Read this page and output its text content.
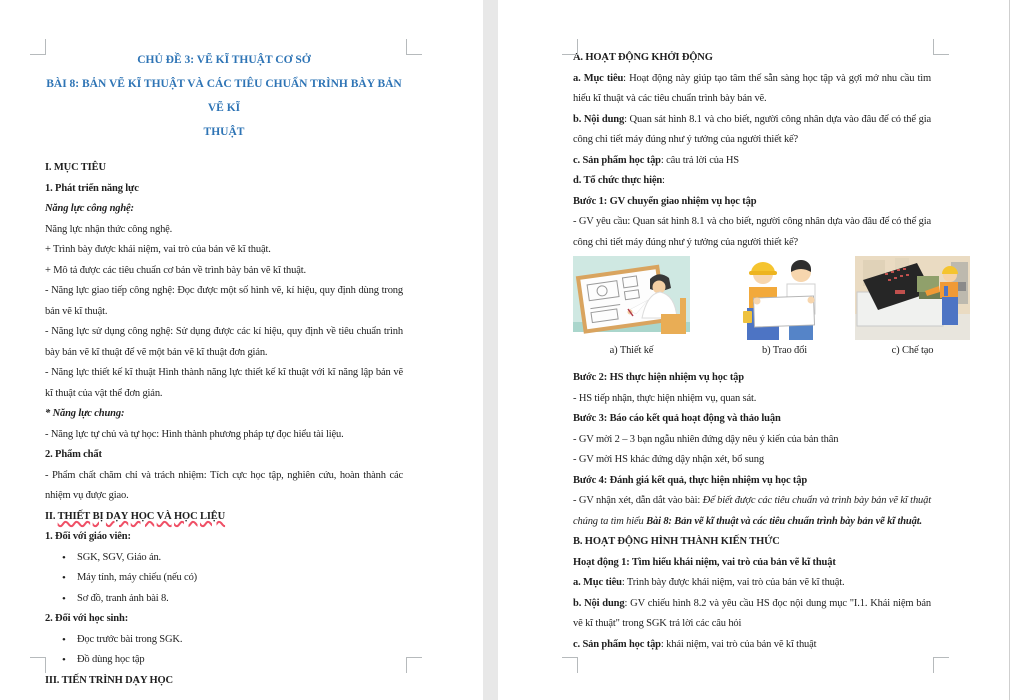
CHỦ ĐỀ 3: VẼ KĨ THUẬT CƠ SỞ
BÀI 8: BẢN VẼ KĨ THUẬT VÀ CÁC TIÊU CHUẨN TRÌNH BÀY BẢN VẼ KĨ
THUẬT
I. MỤC TIÊU
1. Phát triển năng lực
Năng lực công nghệ:
Năng lực nhận thức công nghệ.
+ Trình bày được khái niệm, vai trò của bản vẽ kĩ thuật.
+ Mô tả được các tiêu chuẩn cơ bản về trình bày bản vẽ kĩ thuật.
- Năng lực giao tiếp công nghệ: Đọc được một số hình vẽ, kí hiệu, quy định dùng trong bản vẽ kĩ thuật.
- Năng lực sử dụng công nghệ: Sử dụng được các kí hiệu, quy định về tiêu chuẩn trình bày bản vẽ kĩ thuật để vẽ một bản vẽ kĩ thuật đơn giản.
- Năng lực thiết kế kĩ thuật Hình thành năng lực thiết kế kĩ thuật với kĩ năng lập bản vẽ kĩ thuật của vật thể đơn giản.
* Năng lực chung:
- Năng lực tự chủ và tự học: Hình thành phương pháp tự đọc hiểu tài liệu.
2. Phẩm chất
- Phẩm chất chăm chỉ và trách nhiệm: Tích cực học tập, nghiên cứu, hoàn thành các nhiệm vụ được giao.
II. THIẾT BỊ DẠY HỌC VÀ HỌC LIỆU
1. Đối với giáo viên:
• SGK, SGV, Giáo án.
• Máy tính, máy chiếu (nếu có)
• Sơ đồ, tranh ảnh bài 8.
2. Đối với học sinh:
• Đọc trước bài trong SGK.
• Đồ dùng học tập
III. TIẾN TRÌNH DẠY HỌC
A. HOẠT ĐỘNG KHỞI ĐỘNG
a. Mục tiêu: Hoạt động này giúp tạo tâm thế sẵn sàng học tập và gợi mở nhu cầu tìm hiểu kĩ thuật và các tiêu chuẩn trình bày bản vẽ.
b. Nội dung: Quan sát hình 8.1 và cho biết, người công nhân dựa vào đâu để có thể gia công chi tiết máy đúng như ý tưởng của người thiết kế?
c. Sản phẩm học tập: câu trả lời của HS
d. Tổ chức thực hiện:
Bước 1: GV chuyển giao nhiệm vụ học tập
- GV yêu cầu: Quan sát hình 8.1 và cho biết, người công nhân dựa vào đâu để có thể gia công chi tiết máy đúng như ý tưởng của người thiết kế?
a) Thiết kế	b) Trao đổi	c) Chế tạo
Bước 2: HS thực hiện nhiệm vụ học tập
- HS tiếp nhận, thực hiện nhiệm vụ, quan sát.
Bước 3: Báo cáo kết quả hoạt động và thảo luận
- GV mời 2 – 3 bạn ngẫu nhiên đứng dậy nêu ý kiến của bản thân
- GV mời HS khác đứng dậy nhận xét, bổ sung
Bước 4: Đánh giá kết quả, thực hiện nhiệm vụ học tập
- GV nhận xét, dẫn dắt vào bài: Để biết được các tiêu chuẩn và trình bày bản vẽ kĩ thuật chúng ta tìm hiểu Bài 8: Bản vẽ kĩ thuật và các tiêu chuẩn trình bày bản vẽ kĩ thuật.
B. HOẠT ĐỘNG HÌNH THÀNH KIẾN THỨC
Hoạt động 1: Tìm hiểu khái niệm, vai trò của bản vẽ kĩ thuật
a. Mục tiêu: Trình bày được khái niệm, vai trò của bản vẽ kĩ thuật.
b. Nội dung: GV chiếu hình 8.2 và yêu cầu HS đọc nội dung mục "I.1. Khái niệm bản vẽ kĩ thuật" trong SGK trả lời các câu hỏi
c. Sản phẩm học tập: khái niệm, vai trò của bản vẽ kĩ thuật
